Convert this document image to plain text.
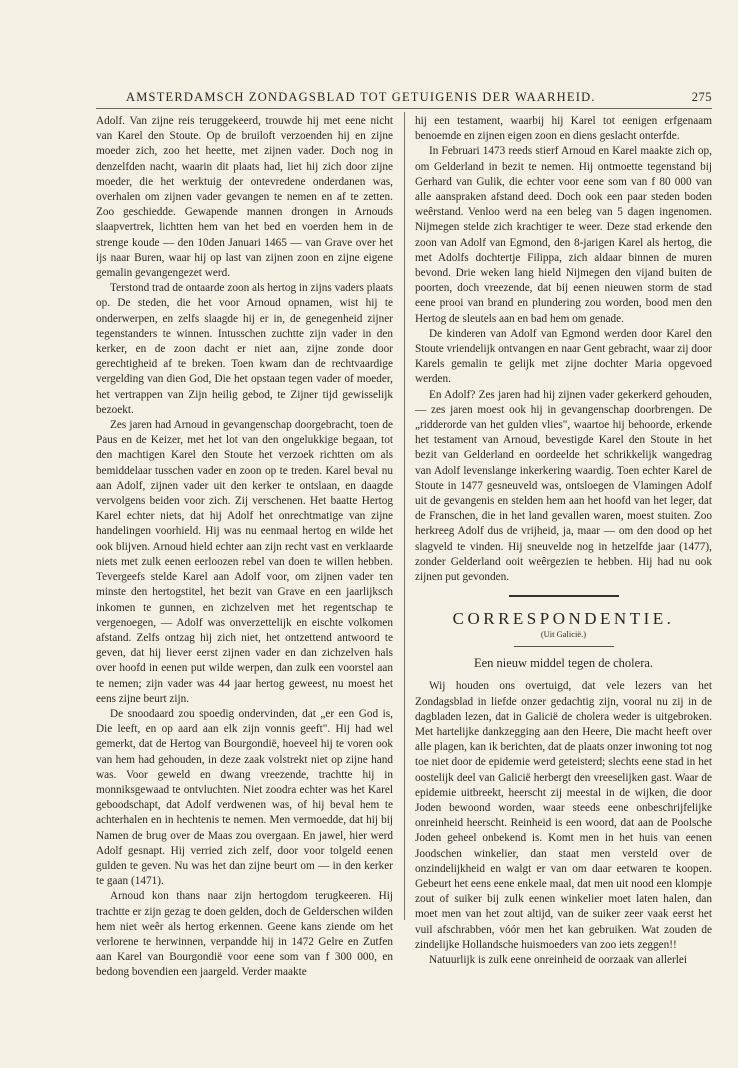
AMSTERDAMSCH ZONDAGSBLAD TOT GETUIGENIS DER WAARHEID.	275

Adolf. Van zijne reis teruggekeerd, trouwde hij met eene nicht van Karel den Stoute. Op de bruiloft verzoenden hij en zijne moeder zich, zoo het heette, met zijnen vader. Doch nog in denzelfden nacht, waarin dit plaats had, liet hij zich door zijne moeder, die het werktuig der ontevredene onderdanen was, overhalen om zijnen vader gevangen te nemen en af te zetten. Zoo geschiedde. Gewapende mannen drongen in Arnouds slaapvertrek, lichtten hem van het bed en voerden hem in de strenge koude — den 10den Januari 1465 — van Grave over het ijs naar Buren, waar hij op last van zijnen zoon en zijne eigene gemalin gevangengezet werd.

Terstond trad de ontaarde zoon als hertog in zijns vaders plaats op. De steden, die het voor Arnoud opnamen, wist hij te onderwerpen, en zelfs slaagde hij er in, de genegenheid zijner tegenstanders te winnen. Intusschen zuchtte zijn vader in den kerker, en de zoon dacht er niet aan, zijne zonde door gerechtigheid af te breken. Toen kwam dan de rechtvaardige vergelding van dien God, Die het opstaan tegen vader of moeder, het vertrappen van Zijn heilig gebod, te Zijner tijd gewisselijk bezoekt.

Zes jaren had Arnoud in gevangenschap doorgebracht, toen de Paus en de Keizer, met het lot van den ongelukkige begaan, tot den machtigen Karel den Stoute het verzoek richtten om als bemiddelaar tusschen vader en zoon op te treden. Karel beval nu aan Adolf, zijnen vader uit den kerker te ontslaan, en daagde vervolgens beiden voor zich. Zij verschenen. Het baatte Hertog Karel echter niets, dat hij Adolf het onrechtmatige van zijne handelingen voorhield. Hij was nu eenmaal hertog en wilde het ook blijven. Arnoud hield echter aan zijn recht vast en verklaarde niets met zulk eenen eerloozen rebel van doen te willen hebben. Tevergeefs stelde Karel aan Adolf voor, om zijnen vader ten minste den hertogstitel, het bezit van Grave en een jaarlijksch inkomen te gunnen, en zichzelven met het regentschap te vergenoegen, — Adolf was onverzettelijk en eischte volkomen afstand. Zelfs ontzag hij zich niet, het ontzettend antwoord te geven, dat hij liever eerst zijnen vader en dan zichzelven hals over hoofd in eenen put wilde werpen, dan zulk een voorstel aan te nemen; zijn vader was 44 jaar hertog geweest, nu moest het eens zijne beurt zijn.

De snoodaard zou spoedig ondervinden, dat „er een God is, Die leeft, en op aard aan elk zijn vonnis geeft". Hij had wel gemerkt, dat de Hertog van Bourgondië, hoeveel hij te voren ook van hem had gehouden, in deze zaak volstrekt niet op zijne hand was. Voor geweld en dwang vreezende, trachtte hij in monniksgewaad te ontvluchten. Niet zoodra echter was het Karel geboodschapt, dat Adolf verdwenen was, of hij beval hem te achterhalen en in hechtenis te nemen. Men vermoedde, dat hij bij Namen de brug over de Maas zou overgaan. En jawel, hier werd Adolf gesnapt. Hij verried zich zelf, door voor tolgeld eenen gulden te geven. Nu was het dan zijne beurt om — in den kerker te gaan (1471).

Arnoud kon thans naar zijn hertogdom terugkeeren. Hij trachtte er zijn gezag te doen gelden, doch de Gelderschen wilden hem niet weêr als hertog erkennen. Geene kans ziende om het verlorene te herwinnen, verpandde hij in 1472 Gelre en Zutfen aan Karel van Bourgondië voor eene som van f 300 000, en bedong bovendien een jaargeld. Verder maakte

hij een testament, waarbij hij Karel tot eenigen erfgenaam benoemde en zijnen eigen zoon en diens geslacht onterfde.

In Februari 1473 reeds stierf Arnoud en Karel maakte zich op, om Gelderland in bezit te nemen. Hij ontmoette tegenstand bij Gerhard van Gulik, die echter voor eene som van f 80 000 van alle aanspraken afstand deed. Doch ook een paar steden boden weêrstand. Venloo werd na een beleg van 5 dagen ingenomen. Nijmegen stelde zich krachtiger te weer. Deze stad erkende den zoon van Adolf van Egmond, den 8-jarigen Karel als hertog, die met Adolfs dochtertje Filippa, zich aldaar binnen de muren bevond. Drie weken lang hield Nijmegen den vijand buiten de poorten, doch vreezende, dat bij eenen nieuwen storm de stad eene prooi van brand en plundering zou worden, bood men den Hertog de sleutels aan en bad hem om genade.

De kinderen van Adolf van Egmond werden door Karel den Stoute vriendelijk ontvangen en naar Gent gebracht, waar zij door Karels gemalin te gelijk met zijne dochter Maria opgevoed werden.

En Adolf? Zes jaren had hij zijnen vader gekerkerd gehouden, — zes jaren moest ook hij in gevangenschap doorbrengen. De „ridderorde van het gulden vlies", waartoe hij behoorde, erkende het testament van Arnoud, bevestigde Karel den Stoute in het bezit van Gelderland en oordeelde het schrikkelijk wangedrag van Adolf levenslange inkerkering waardig. Toen echter Karel de Stoute in 1477 gesneuveld was, ontsloegen de Vlamingen Adolf uit de gevangenis en stelden hem aan het hoofd van het leger, dat de Franschen, die in het land gevallen waren, moest stuiten. Zoo herkreeg Adolf dus de vrijheid, ja, maar — om den dood op het slagveld te vinden. Hij sneuvelde nog in hetzelfde jaar (1477), zonder Gelderland ooit weêrgezien te hebben. Hij had nu ook zijnen put gevonden.

CORRESPONDENTIE.
(Uit Galicië.)
Een nieuw middel tegen de cholera.

Wij houden ons overtuigd, dat vele lezers van het Zondagsblad in liefde onzer gedachtig zijn, vooral nu zij in de dagbladen lezen, dat in Galicië de cholera weder is uitgebroken. Met hartelijke dankzegging aan den Heere, Die macht heeft over alle plagen, kan ik berichten, dat de plaats onzer inwoning tot nog toe niet door de epidemie werd geteisterd; slechts eene stad in het oostelijk deel van Galicië herbergt den vreeselijken gast. Waar de epidemie uitbreekt, heerscht zij meestal in de wijken, die door Joden bewoond worden, waar steeds eene onbeschrijfelijke onreinheid heerscht. Reinheid is een woord, dat aan de Poolsche Joden geheel onbekend is. Komt men in het huis van eenen Joodschen winkelier, dan staat men versteld over de onzindelijkheid en walgt er van om daar eetwaren te koopen. Gebeurt het eens eene enkele maal, dat men uit nood een klompje zout of suiker bij zulk eenen winkelier moet laten halen, dan moet men van het zout altijd, van de suiker zeer vaak eerst het vuil afschrabben, vóór men het kan gebruiken. Wat zouden de zindelijke Hollandsche huismoeders van zoo iets zeggen!!

Natuurlijk is zulk eene onreinheid de oorzaak van allerlei
